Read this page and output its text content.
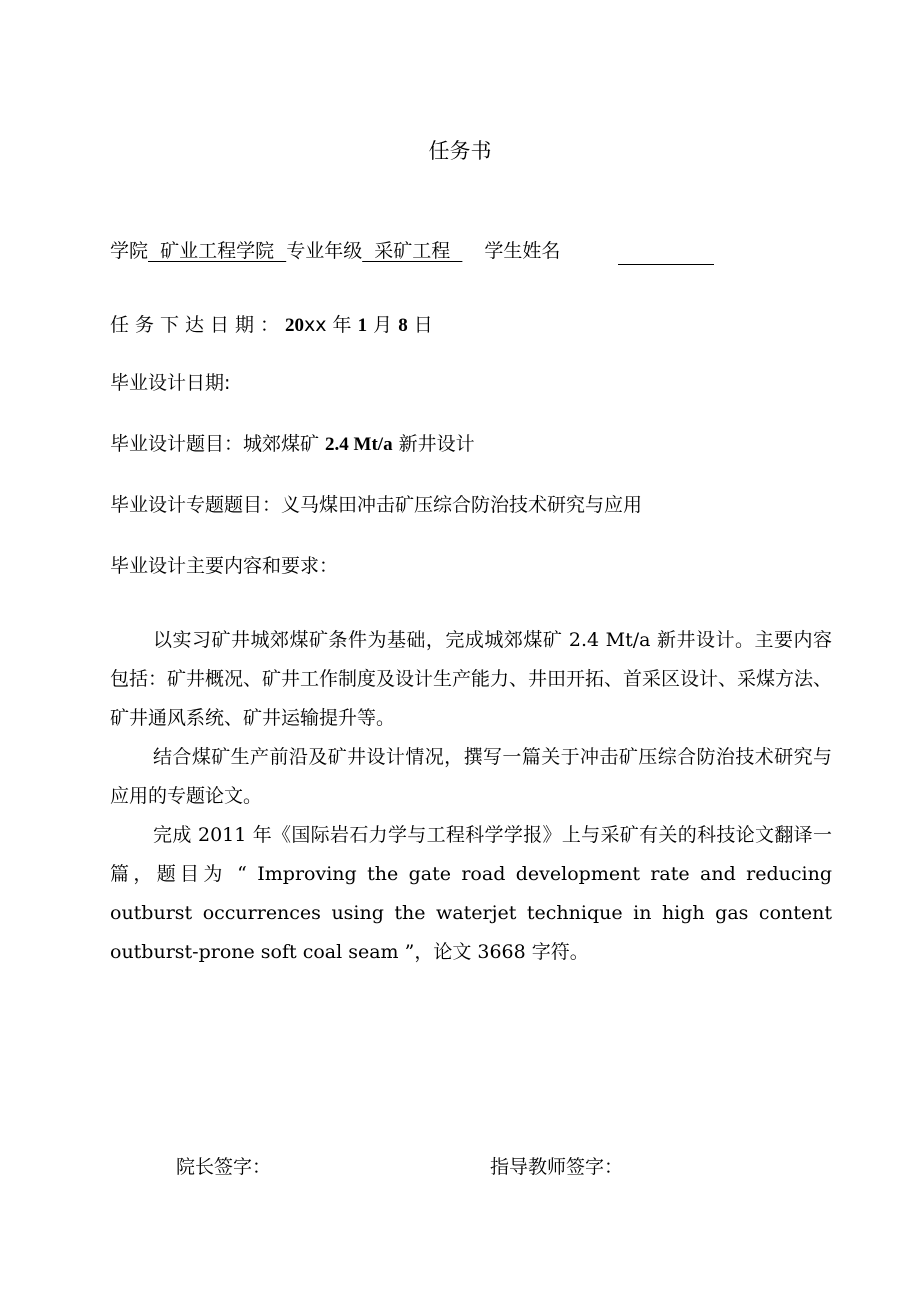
任务书
学院  矿业工程学院  专业年级  采矿工程  学生姓名
任务下达日期：20xx 年 1 月 8 日
毕业设计日期:
毕业设计题目：城郊煤矿 2.4 Mt/a 新井设计
毕业设计专题题目：义马煤田冲击矿压综合防治技术研究与应用
毕业设计主要内容和要求：
以实习矿井城郊煤矿条件为基础，完成城郊煤矿 2.4 Mt/a 新井设计。主要内容包括：矿井概况、矿井工作制度及设计生产能力、井田开拓、首采区设计、采煤方法、矿井通风系统、矿井运输提升等。
结合煤矿生产前沿及矿井设计情况，撰写一篇关于冲击矿压综合防治技术研究与应用的专题论文。
完成 2011 年《国际岩石力学与工程科学学报》上与采矿有关的科技论文翻译一篇，题目为 “ Improving the gate road development rate and reducing outburst occurrences using the waterjet technique in high gas content outburst-prone soft coal seam ”，论文 3668 字符。
院长签字：	指导教师签字：
